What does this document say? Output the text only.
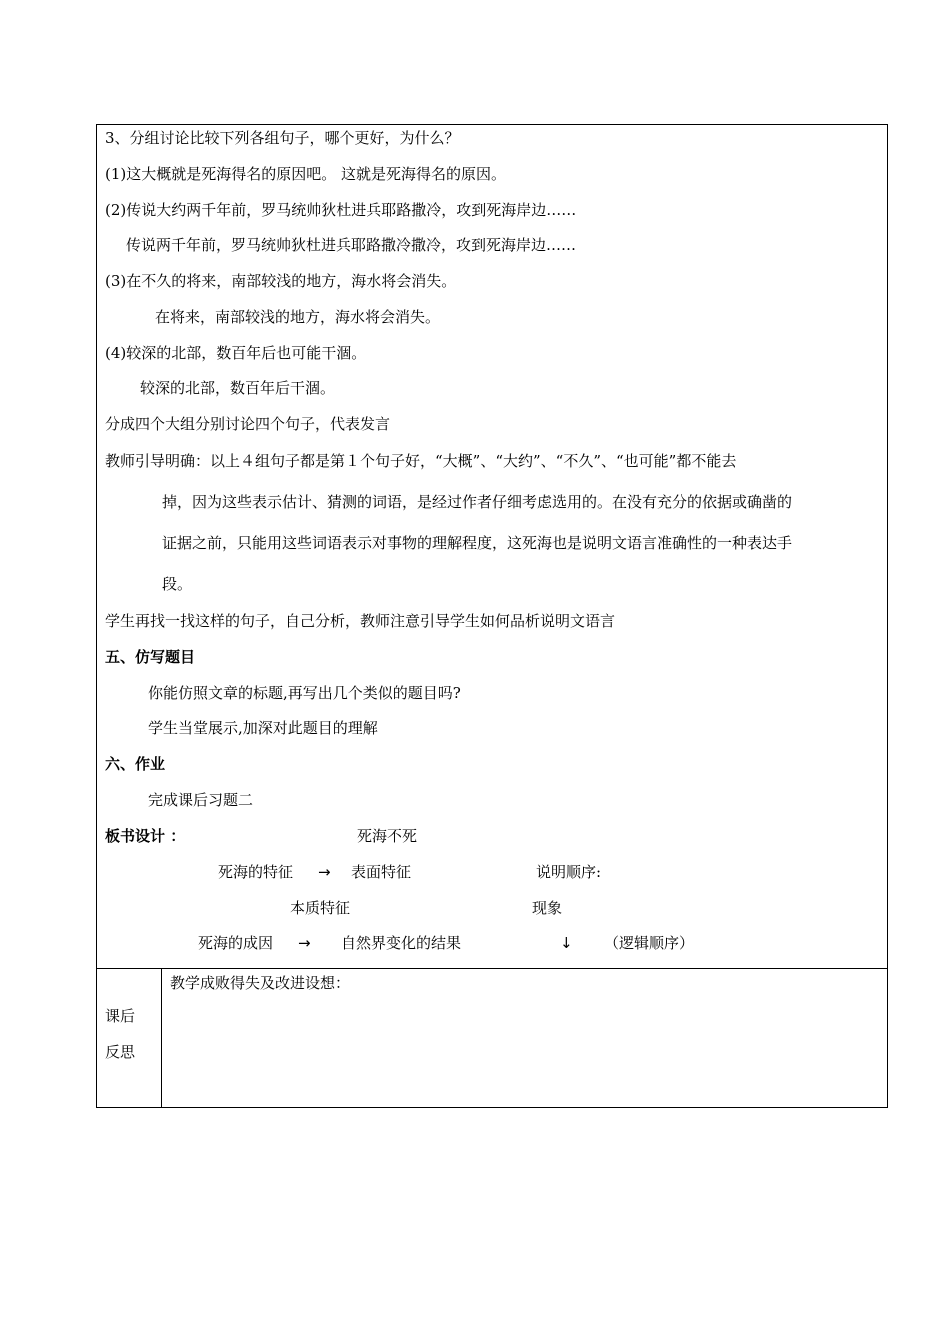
3、分组讨论比较下列各组句子，哪个更好，为什么？
(1)这大概就是死海得名的原因吧。 这就是死海得名的原因。
(2)传说大约两千年前，罗马统帅狄杜进兵耶路撒冷，攻到死海岸边……
传说两千年前，罗马统帅狄杜进兵耶路撒冷撒冷，攻到死海岸边……
(3)在不久的将来，南部较浅的地方，海水将会消失。
在将来，南部较浅的地方，海水将会消失。
(4)较深的北部，数百年后也可能干涸。
较深的北部，数百年后干涸。
分成四个大组分别讨论四个句子，代表发言
教师引导明确：以上４组句子都是第１个句子好，“大概”、“大约”、“不久”、“也可能”都不能去
掉，因为这些表示估计、猜测的词语，是经过作者仔细考虑选用的。在没有充分的依据或确凿的
证据之前，只能用这些词语表示对事物的理解程度，这死海也是说明文语言准确性的一种表达手
段。
学生再找一找这样的句子，自己分析，教师注意引导学生如何品析说明文语言
五、仿写题目
你能仿照文章的标题,再写出几个类似的题目吗?
学生当堂展示,加深对此题目的理解
六、作业
完成课后习题二
板书设计 ：	死海不死
死海的特征 → 表面特征	说明顺序:
本质特征	现象
死海的成因 → 自然界变化的结果	↓ （逻辑顺序）
课后
反思
教学成败得失及改进设想：
